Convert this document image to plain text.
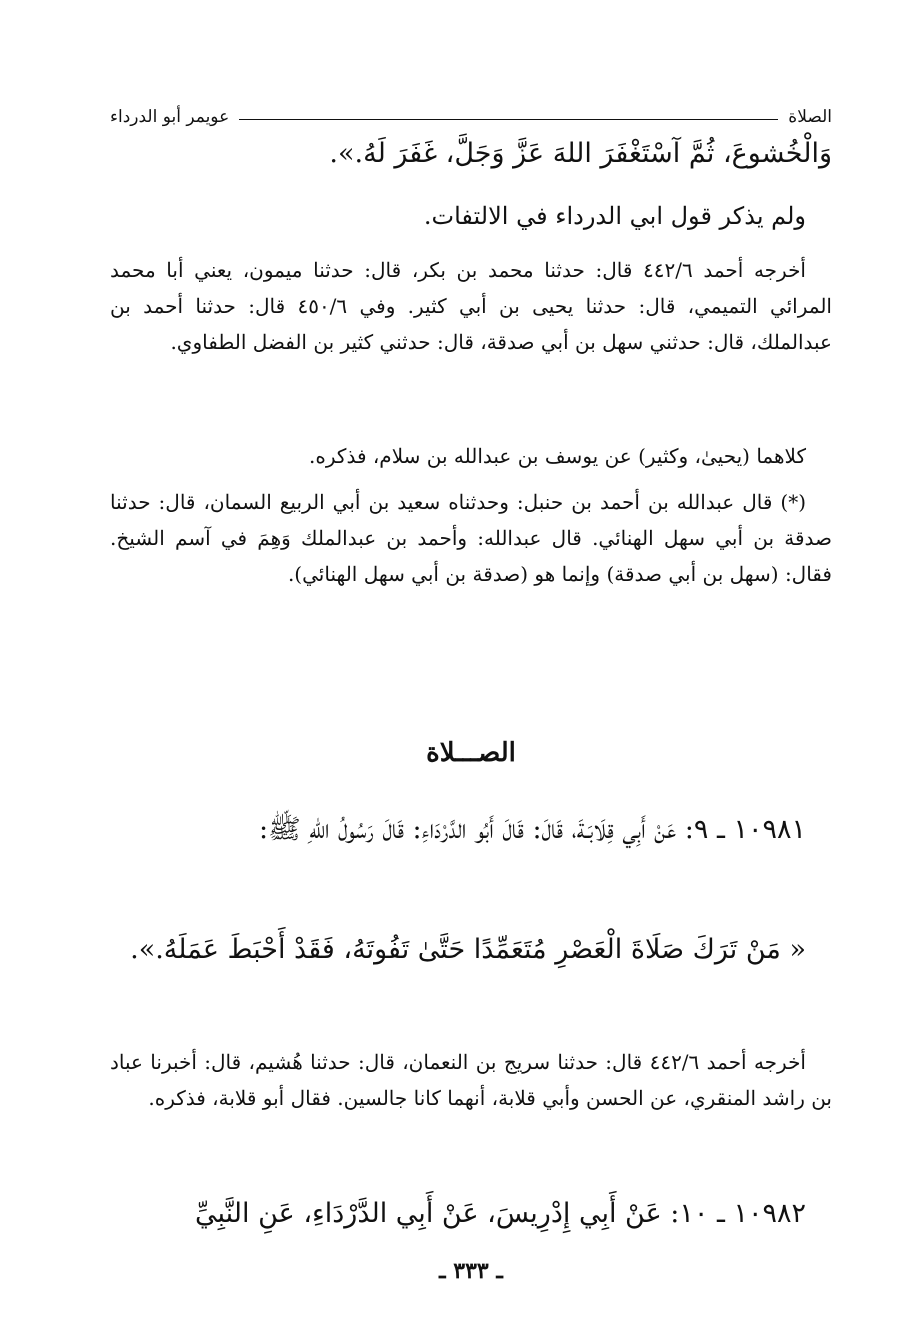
الصلاة
عويمر أبو الدرداء
وَالْخُشوعَ، ثُمَّ آسْتَغْفَرَ اللهَ عَزَّ وَجَلَّ، غَفَرَ لَهُ.».
ولم يذكر قول ابي الدرداء في الالتفات.
أخرجه أحمد ٤٤٢/٦ قال: حدثنا محمد بن بكر، قال: حدثنا ميمون، يعني أبا محمد المرائي التميمي، قال: حدثنا يحيى بن أبي كثير. وفي ٤٥٠/٦ قال: حدثنا أحمد بن عبدالملك، قال: حدثني سهل بن أبي صدقة، قال: حدثني كثير بن الفضل الطفاوي.
كلاهما (يحيىٰ، وكثير) عن يوسف بن عبدالله بن سلام، فذكره.
(*) قال عبدالله بن أحمد بن حنبل: وحدثناه سعيد بن أبي الربيع السمان، قال: حدثنا صدقة بن أبي سهل الهنائي. قال عبدالله: وأحمد بن عبدالملك وَهِمَ في آسم الشيخ. فقال: (سهل بن أبي صدقة) وإنما هو (صدقة بن أبي سهل الهنائي).
الصـــلاة
١٠٩٨١ ـ ٩: عَنْ أَبِي قِلَابَـةَ، قَالَ: قَالَ أَبُو الدَّرْدَاءِ: قَالَ رَسُولُ اللهِ ﷺ:
« مَنْ تَرَكَ صَلَاةَ الْعَصْرِ مُتَعَمِّدًا حَتَّىٰ تَفُوتَهُ، فَقَدْ أَحْبَطَ عَمَلَهُ.».
أخرجه أحمد ٤٤٢/٦ قال: حدثنا سريج بن النعمان، قال: حدثنا هُشيم، قال: أخبرنا عباد بن راشد المنقري، عن الحسن وأبي قلابة، أنهما كانا جالسين. فقال أبو قلابة، فذكره.
١٠٩٨٢ ـ ١٠: عَنْ أَبِي إِدْرِيسَ، عَنْ أَبِي الدَّرْدَاءِ، عَنِ النَّبِيِّ
ـ ٣٣٣ ـ
